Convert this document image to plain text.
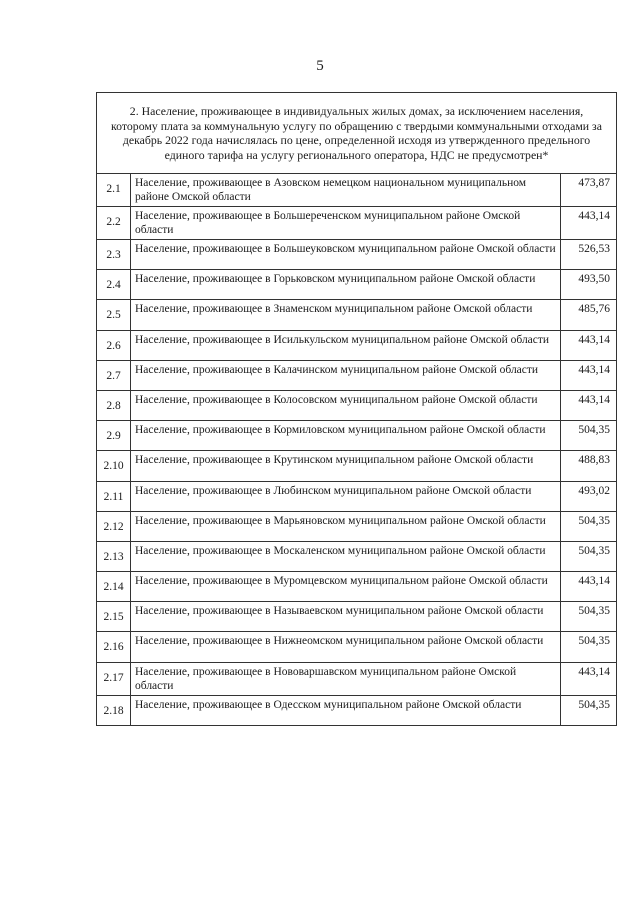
5
2. Население, проживающее в индивидуальных жилых домах, за исключением населения, которому плата за коммунальную услугу по обращению с твердыми коммунальными отходами за декабрь 2022 года начислялась по цене, определенной исходя из утвержденного предельного единого тарифа на услугу регионального оператора, НДС не предусмотрен*		
2.1	Население, проживающее в Азовском немецком национальном муниципальном районе Омской области	473,87
2.2	Население, проживающее в Большереченском муниципальном районе Омской области	443,14
2.3	Население, проживающее в Большеуковском муниципальном районе Омской области	526,53
2.4	Население, проживающее в Горьковском муниципальном районе Омской области	493,50
2.5	Население, проживающее в Знаменском муниципальном районе Омской области	485,76
2.6	Население, проживающее в Исилькульском муниципальном районе Омской области	443,14
2.7	Население, проживающее в Калачинском муниципальном районе Омской области	443,14
2.8	Население, проживающее в Колосовском муниципальном районе Омской области	443,14
2.9	Население, проживающее в Кормиловском муниципальном районе Омской области	504,35
2.10	Население, проживающее в Крутинском муниципальном районе Омской области	488,83
2.11	Население, проживающее в Любинском муниципальном районе Омской области	493,02
2.12	Население, проживающее в Марьяновском муниципальном районе Омской области	504,35
2.13	Население, проживающее в Москаленском муниципальном районе Омской области	504,35
2.14	Население, проживающее в Муромцевском муниципальном районе Омской области	443,14
2.15	Население, проживающее в Называевском муниципальном районе Омской области	504,35
2.16	Население, проживающее в Нижнеомском муниципальном районе Омской области	504,35
2.17	Население, проживающее в Нововаршавском муниципальном районе Омской области	443,14
2.18	Население, проживающее в Одесском муниципальном районе Омской области	504,35
